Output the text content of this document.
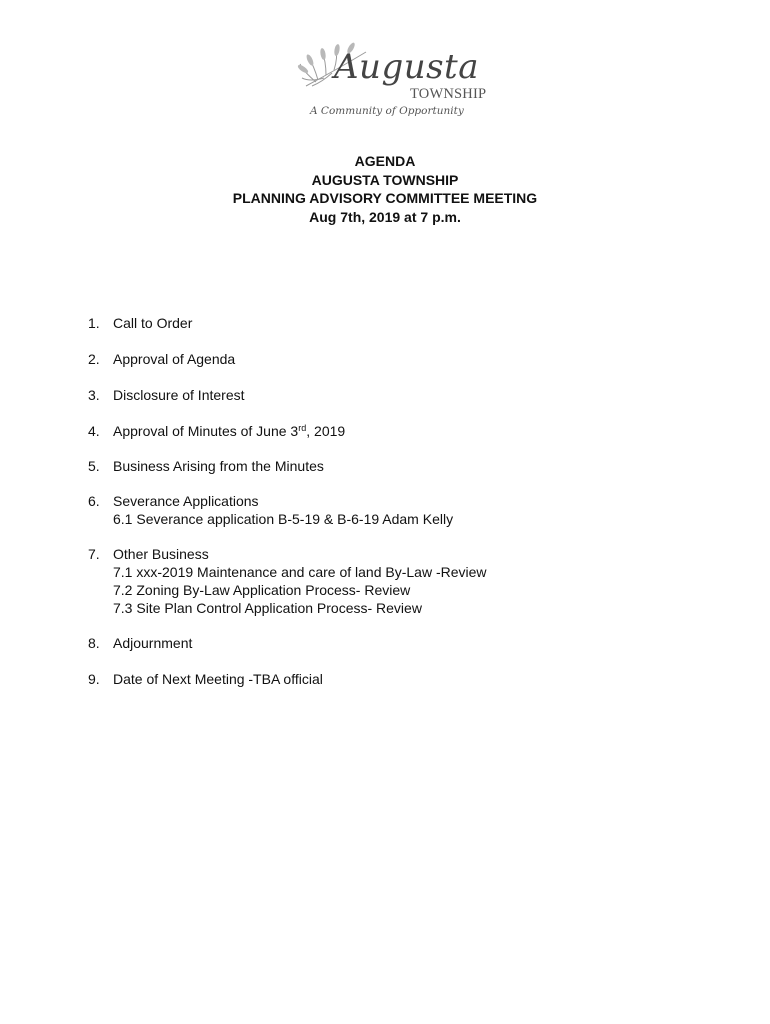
Augusta
TOWNSHIP
A Community of Opportunity
AGENDA
AUGUSTA TOWNSHIP
PLANNING ADVISORY COMMITTEE MEETING
Aug 7th, 2019 at 7 p.m.
1. Call to Order
2. Approval of Agenda
3. Disclosure of Interest
4. Approval of Minutes of June 3rd, 2019
5. Business Arising from the Minutes
6. Severance Applications
6.1 Severance application B-5-19 & B-6-19 Adam Kelly
7. Other Business
7.1 xxx-2019 Maintenance and care of land By-Law -Review
7.2 Zoning By-Law Application Process- Review
7.3 Site Plan Control Application Process- Review
8. Adjournment
9. Date of Next Meeting -TBA official
